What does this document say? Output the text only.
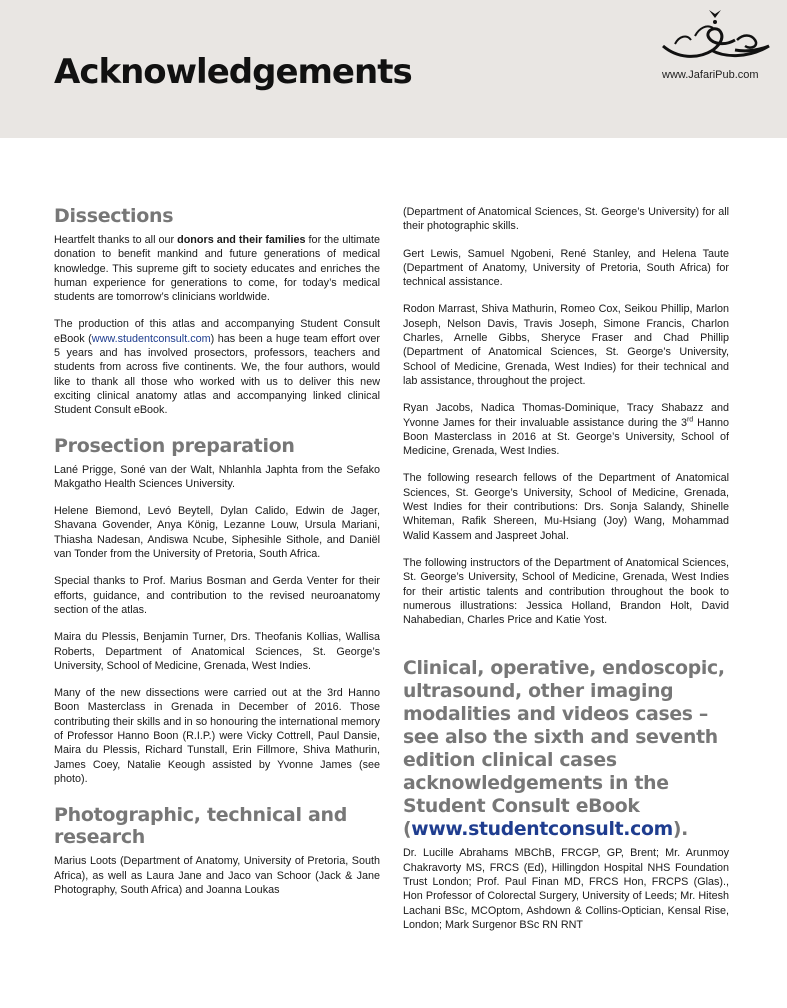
Acknowledgements	www.JafariPub.com
Dissections

Heartfelt thanks to all our donors and their families for the ultimate donation to benefit mankind and future generations of medical knowledge. This supreme gift to society educates and enriches the human experience for generations to come, for today’s medical students are tomorrow’s clinicians worldwide.

The production of this atlas and accompanying Student Consult eBook (www.studentconsult.com) has been a huge team effort over 5 years and has involved prosectors, professors, teachers and students from across five continents. We, the four authors, would like to thank all those who worked with us to deliver this new exciting clinical anatomy atlas and accompanying linked clinical Student Consult eBook.

Prosection preparation

Lané Prigge, Soné van der Walt, Nhlanhla Japhta from the Sefako Makgatho Health Sciences University.

Helene Biemond, Levó Beytell, Dylan Calido, Edwin de Jager, Shavana Govender, Anya König, Lezanne Louw, Ursula Mariani, Thiasha Nadesan, Andiswa Ncube, Siphesihle Sithole, and Daniël van Tonder from the University of Pretoria, South Africa.

Special thanks to Prof. Marius Bosman and Gerda Venter for their efforts, guidance, and contribution to the revised neuroanatomy section of the atlas.

Maira du Plessis, Benjamin Turner, Drs. Theofanis Kollias, Wallisa Roberts, Department of Anatomical Sciences, St. George’s University, School of Medicine, Grenada, West Indies.

Many of the new dissections were carried out at the 3rd Hanno Boon Masterclass in Grenada in December of 2016. Those contributing their skills and in so honouring the international memory of Professor Hanno Boon (R.I.P.) were Vicky Cottrell, Paul Dansie, Maira du Plessis, Richard Tunstall, Erin Fillmore, Shiva Mathurin, James Coey, Natalie Keough assisted by Yvonne James (see photo).

Photographic, technical and research

Marius Loots (Department of Anatomy, University of Pretoria, South Africa), as well as Laura Jane and Jaco van Schoor (Jack & Jane Photography, South Africa) and Joanna Loukas

(Department of Anatomical Sciences, St. George’s University) for all their photographic skills.

Gert Lewis, Samuel Ngobeni, René Stanley, and Helena Taute (Department of Anatomy, University of Pretoria, South Africa) for technical assistance.

Rodon Marrast, Shiva Mathurin, Romeo Cox, Seikou Phillip, Marlon Joseph, Nelson Davis, Travis Joseph, Simone Francis, Charlon Charles, Arnelle Gibbs, Sheryce Fraser and Chad Phillip (Department of Anatomical Sciences, St. George’s University, School of Medicine, Grenada, West Indies) for their technical and lab assistance, throughout the project.

Ryan Jacobs, Nadica Thomas-Dominique, Tracy Shabazz and Yvonne James for their invaluable assistance during the 3rd Hanno Boon Masterclass in 2016 at St. George’s University, School of Medicine, Grenada, West Indies.

The following research fellows of the Department of Anatomical Sciences, St. George’s University, School of Medicine, Grenada, West Indies for their contributions: Drs. Sonja Salandy, Shinelle Whiteman, Rafik Shereen, Mu-Hsiang (Joy) Wang, Mohammad Walid Kassem and Jaspreet Johal.

The following instructors of the Department of Anatomical Sciences, St. George’s University, School of Medicine, Grenada, West Indies for their artistic talents and contribution throughout the book to numerous illustrations: Jessica Holland, Brandon Holt, David Nahabedian, Charles Price and Katie Yost.

Clinical, operative, endoscopic, ultrasound, other imaging modalities and videos cases – see also the sixth and seventh edition clinical cases acknowledgements in the Student Consult eBook (www.studentconsult.com).

Dr. Lucille Abrahams MBChB, FRCGP, GP, Brent; Mr. Arunmoy Chakravorty MS, FRCS (Ed), Hillingdon Hospital NHS Foundation Trust London; Prof. Paul Finan MD, FRCS Hon, FRCPS (Glas)., Hon Professor of Colorectal Surgery, University of Leeds; Mr. Hitesh Lachani BSc, MCOptom, Ashdown & Collins-Optician, Kensal Rise, London; Mark Surgenor BSc RN RNT
